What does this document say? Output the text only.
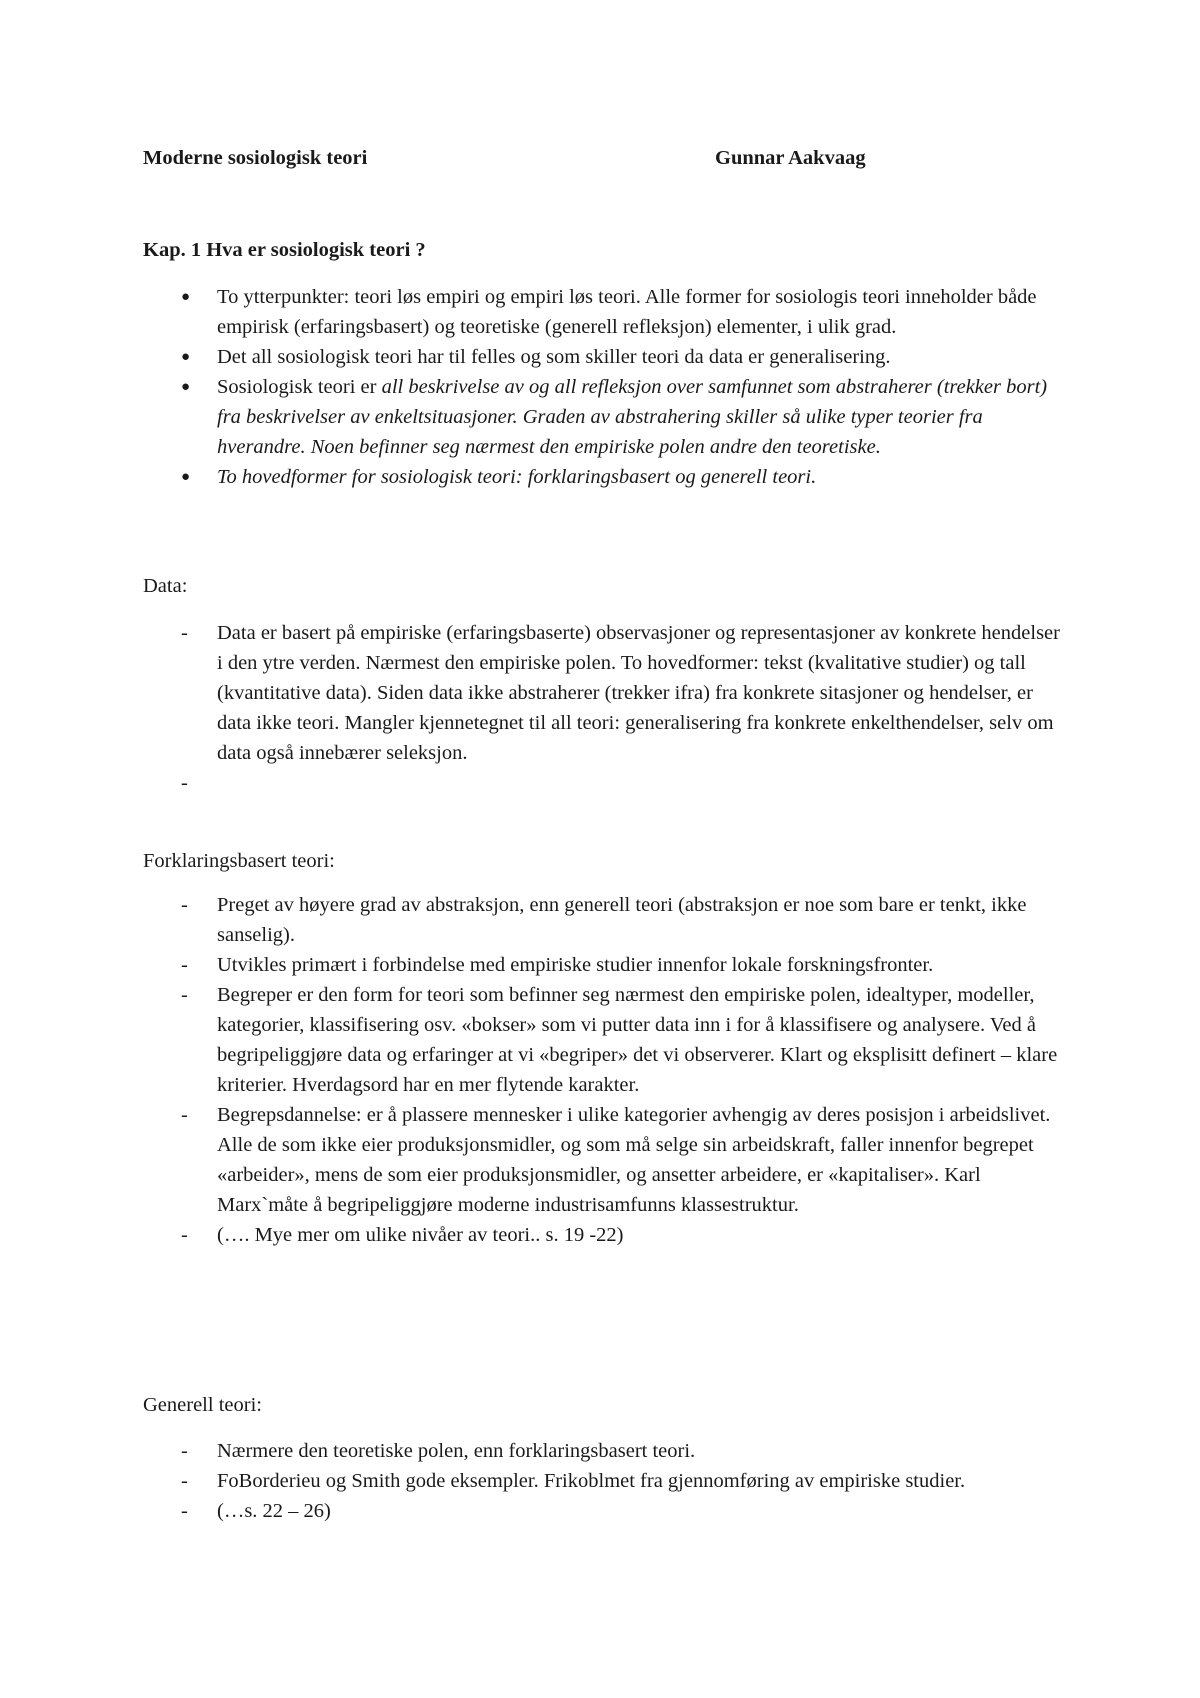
Moderne sosiologisk teori	Gunnar Aakvaag
Kap. 1 Hva er sosiologisk teori ?
● To ytterpunkter: teori løs empiri og empiri løs teori. Alle former for sosiologis teori inneholder både empirisk (erfaringsbasert) og teoretiske (generell refleksjon) elementer, i ulik grad.
● Det all sosiologisk teori har til felles og som skiller teori da data er generalisering.
● Sosiologisk teori er all beskrivelse av og all refleksjon over samfunnet som abstraherer (trekker bort) fra beskrivelser av enkeltsituasjoner. Graden av abstrahering skiller så ulike typer teorier fra hverandre. Noen befinner seg nærmest den empiriske polen andre den teoretiske.
● To hovedformer for sosiologisk teori: forklaringsbasert og generell teori.
Data:
- Data er basert på empiriske (erfaringsbaserte) observasjoner og representasjoner av konkrete hendelser i den ytre verden. Nærmest den empiriske polen. To hovedformer: tekst (kvalitative studier) og tall (kvantitative data). Siden data ikke abstraherer (trekker ifra) fra konkrete sitasjoner og hendelser, er data ikke teori. Mangler kjennetegnet til all teori: generalisering fra konkrete enkelthendelser, selv om data også innebærer seleksjon.
-
Forklaringsbasert teori:
- Preget av høyere grad av abstraksjon, enn generell teori (abstraksjon er noe som bare er tenkt, ikke sanselig).
- Utvikles primært i forbindelse med empiriske studier innenfor lokale forskningsfronter.
- Begreper er den form for teori som befinner seg nærmest den empiriske polen, idealtyper, modeller, kategorier, klassifisering osv. «bokser» som vi putter data inn i for å klassifisere og analysere. Ved å begripeliggjøre data og erfaringer at vi «begriper» det vi observerer. Klart og eksplisitt definert – klare kriterier. Hverdagsord har en mer flytende karakter.
- Begrepsdannelse: er å plassere mennesker i ulike kategorier avhengig av deres posisjon i arbeidslivet. Alle de som ikke eier produksjonsmidler, og som må selge sin arbeidskraft, faller innenfor begrepet «arbeider», mens de som eier produksjonsmidler, og ansetter arbeidere, er «kapitaliser». Karl Marx`måte å begripeliggjøre moderne industrisamfunns klassestruktur.
- (…. Mye mer om ulike nivåer av teori.. s. 19 -22)
Generell teori:
- Nærmere den teoretiske polen, enn forklaringsbasert teori.
- FoBorderieu og Smith gode eksempler. Frikoblmet fra gjennomføring av empiriske studier.
- (…s. 22 – 26)
